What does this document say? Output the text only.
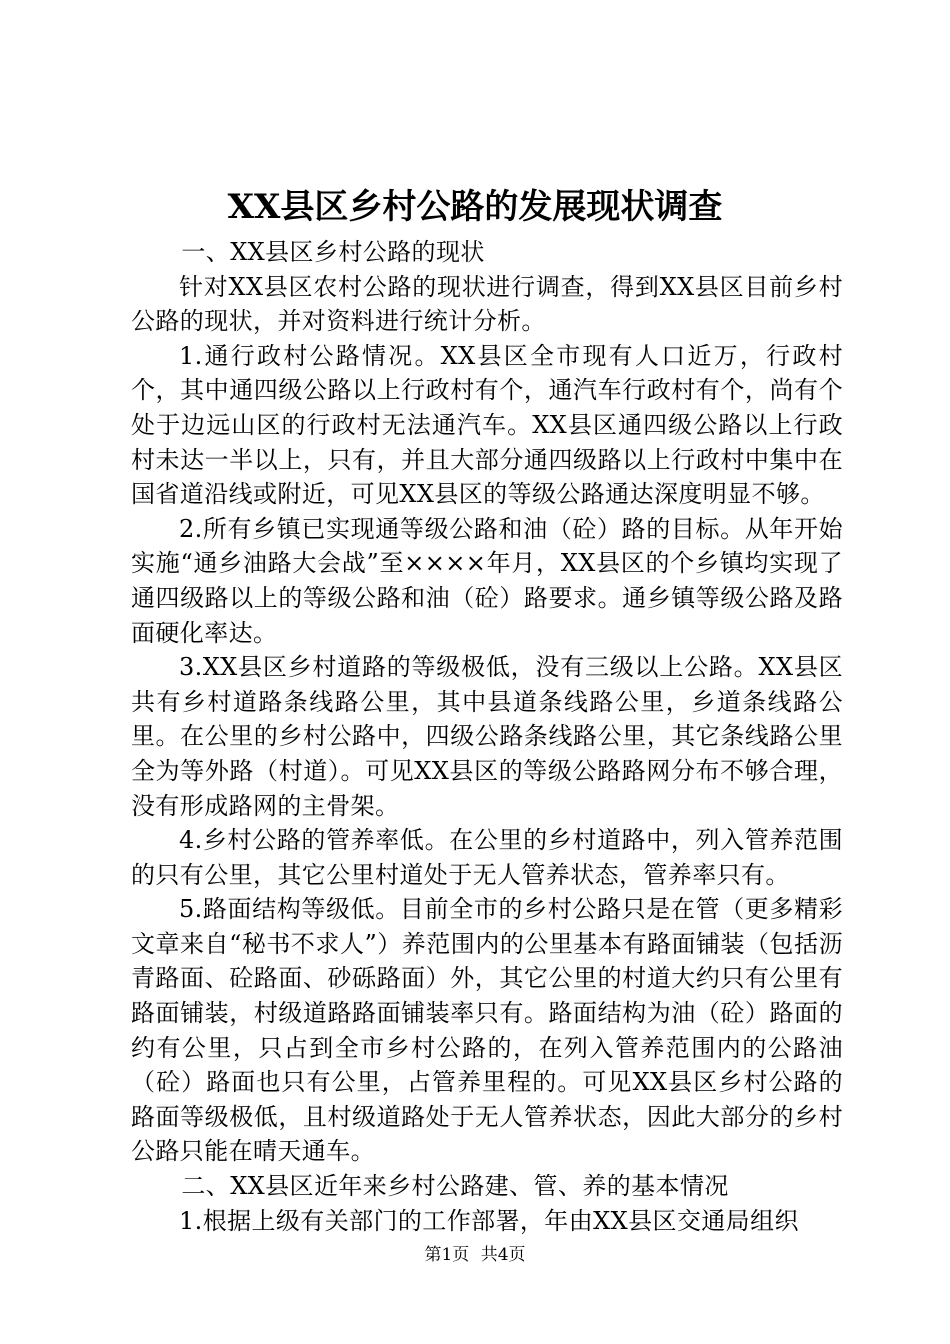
XX县区乡村公路的发展现状调查

一、XX县区乡村公路的现状

针对XX县区农村公路的现状进行调查，得到XX县区目前乡村公路的现状，并对资料进行统计分析。

1.通行政村公路情况。XX县区全市现有人口近万，行政村个，其中通四级公路以上行政村有个，通汽车行政村有个，尚有个处于边远山区的行政村无法通汽车。XX县区通四级公路以上行政村未达一半以上，只有，并且大部分通四级路以上行政村中集中在国省道沿线或附近，可见XX县区的等级公路通达深度明显不够。

2.所有乡镇已实现通等级公路和油（砼）路的目标。从年开始实施“通乡油路大会战”至××××年月，XX县区的个乡镇均实现了通四级路以上的等级公路和油（砼）路要求。通乡镇等级公路及路面硬化率达。

3.XX县区乡村道路的等级极低，没有三级以上公路。XX县区共有乡村道路条线路公里，其中县道条线路公里，乡道条线路公里。在公里的乡村公路中，四级公路条线路公里，其它条线路公里全为等外路（村道）。可见XX县区的等级公路路网分布不够合理，没有形成路网的主骨架。

4.乡村公路的管养率低。在公里的乡村道路中，列入管养范围的只有公里，其它公里村道处于无人管养状态，管养率只有。

5.路面结构等级低。目前全市的乡村公路只是在管（更多精彩文章来自“秘书不求人”）养范围内的公里基本有路面铺装（包括沥青路面、砼路面、砂砾路面）外，其它公里的村道大约只有公里有路面铺装，村级道路路面铺装率只有。路面结构为油（砼）路面的约有公里，只占到全市乡村公路的，在列入管养范围内的公路油（砼）路面也只有公里，占管养里程的。可见XX县区乡村公路的路面等级极低，且村级道路处于无人管养状态，因此大部分的乡村公路只能在晴天通车。

二、XX县区近年来乡村公路建、管、养的基本情况

1.根据上级有关部门的工作部署，年由XX县区交通局组织

第1页 共4页
